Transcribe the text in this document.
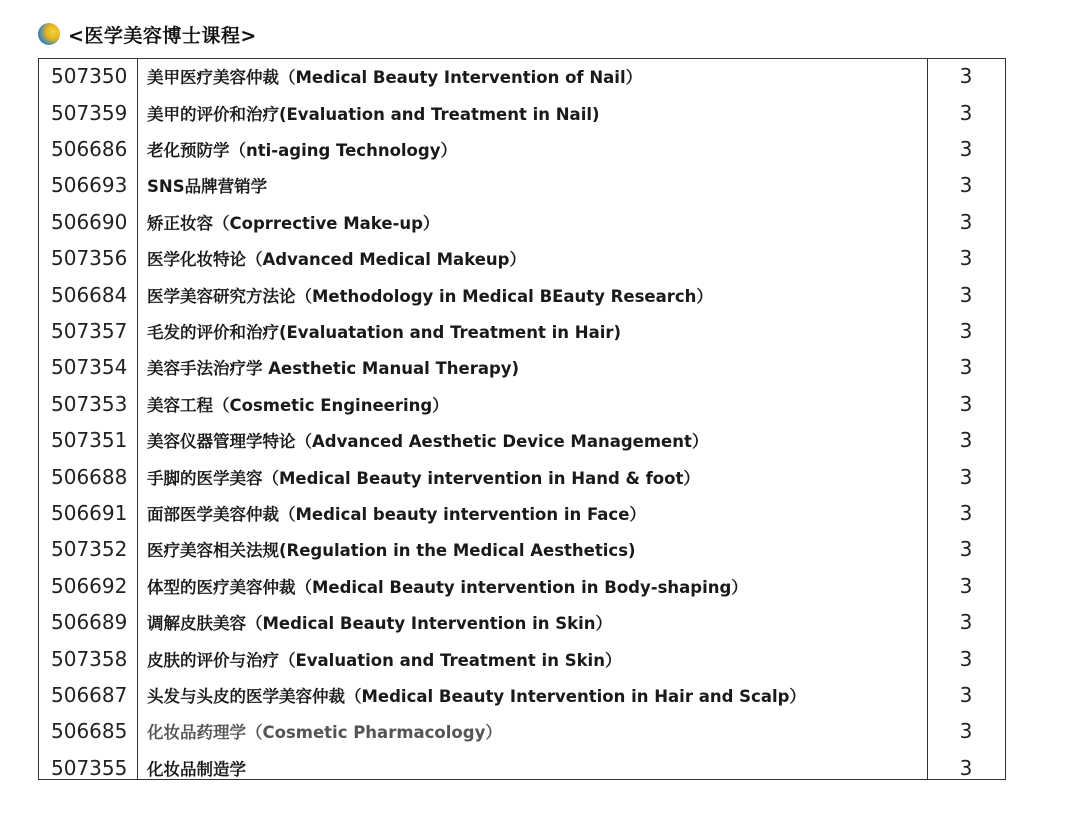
<医学美容博士课程>
507350	美甲医疗美容仲裁（Medical Beauty Intervention of Nail）	3
507359	美甲的评价和治疗(Evaluation and Treatment in Nail)	3
506686	老化预防学（nti-aging Technology）	3
506693	SNS品牌营销学	3
506690	矫正妆容（Coprrective Make-up）	3
507356	医学化妆特论（Advanced Medical Makeup）	3
506684	医学美容研究方法论（Methodology in Medical BEauty Research）	3
507357	毛发的评价和治疗(Evaluatation and Treatment in Hair)	3
507354	美容手法治疗学 Aesthetic Manual Therapy)	3
507353	美容工程（Cosmetic Engineering）	3
507351	美容仪器管理学特论（Advanced Aesthetic Device Management）	3
506688	手脚的医学美容（Medical Beauty intervention in Hand & foot）	3
506691	面部医学美容仲裁（Medical beauty intervention in Face）	3
507352	医疗美容相关法规(Regulation in the Medical Aesthetics)	3
506692	体型的医疗美容仲裁（Medical Beauty intervention in Body-shaping）	3
506689	调解皮肤美容（Medical Beauty Intervention in Skin）	3
507358	皮肤的评价与治疗（Evaluation and Treatment in Skin）	3
506687	头发与头皮的医学美容仲裁（Medical Beauty Intervention in Hair and Scalp）	3
506685	化妆品药理学（Cosmetic Pharmacology）	3
507355	化妆品制造学	3
